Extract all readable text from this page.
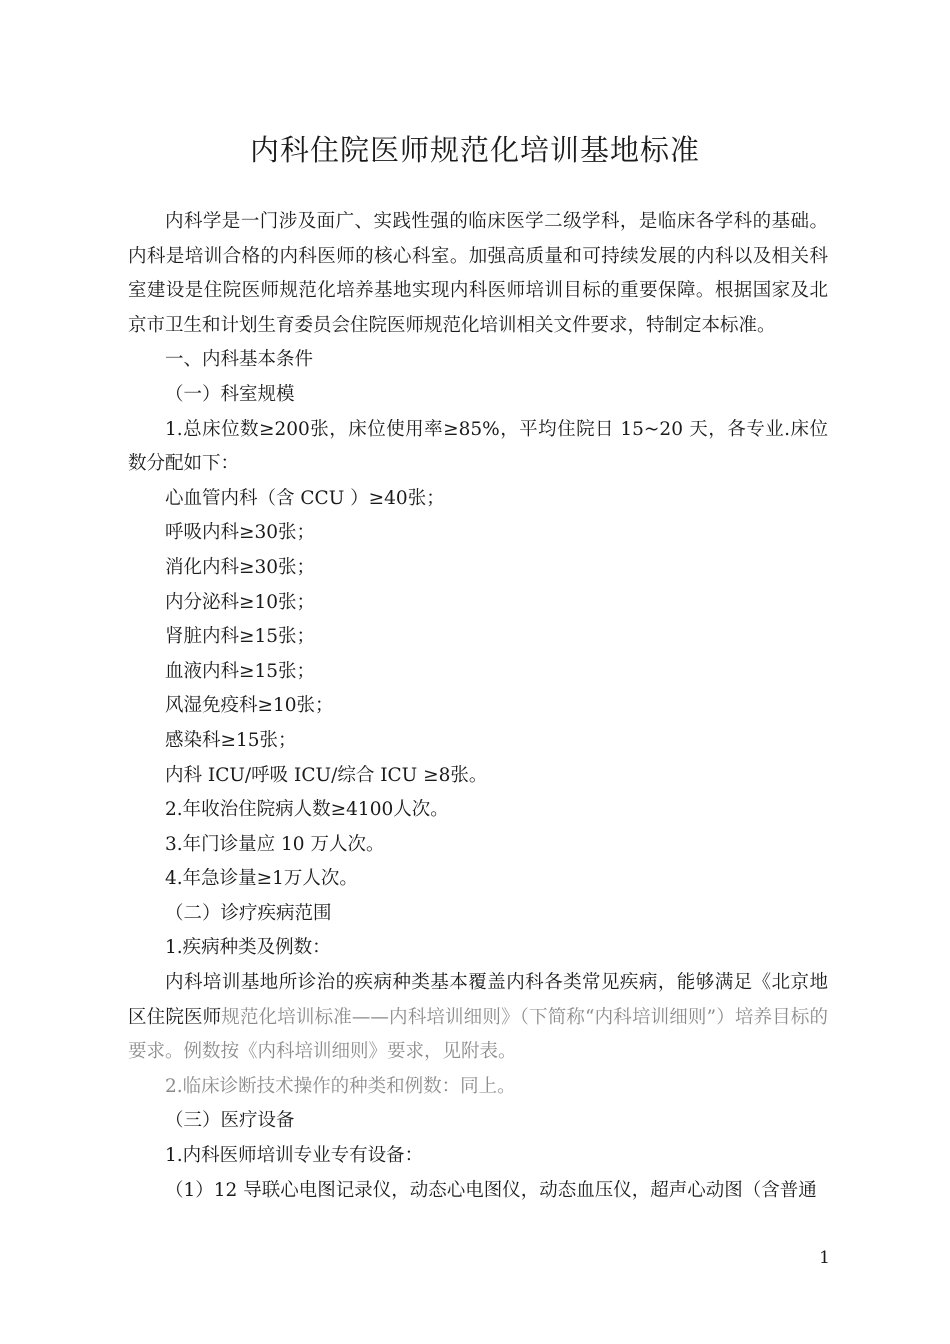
内科住院医师规范化培训基地标准

内科学是一门涉及面广、实践性强的临床医学二级学科，是临床各学科的基础。内科是培训合格的内科医师的核心科室。加强高质量和可持续发展的内科以及相关科室建设是住院医师规范化培养基地实现内科医师培训目标的重要保障。根据国家及北京市卫生和计划生育委员会住院医师规范化培训相关文件要求，特制定本标准。

一、内科基本条件

（一）科室规模

1.总床位数≥200张，床位使用率≥85%，平均住院日 15~20 天，各专业.床位数分配如下：

心血管内科（含 CCU ）≥40张；

呼吸内科≥30张；

消化内科≥30张；

内分泌科≥10张；

肾脏内科≥15张；

血液内科≥15张；

风湿免疫科≥10张；

感染科≥15张；

内科 ICU/呼吸 ICU/综合 ICU ≥8张。

2.年收治住院病人数≥4100人次。

3.年门诊量应 10 万人次。

4.年急诊量≥1万人次。

（二）诊疗疾病范围

1.疾病种类及例数：

内科培训基地所诊治的疾病种类基本覆盖内科各类常见疾病，能够满足《北京地区住院医师规范化培训标准——内科培训细则》（下简称“内科培训细则”）培养目标的要求。例数按《内科培训细则》要求，见附表。

2.临床诊断技术操作的种类和例数：同上。

（三）医疗设备

1.内科医师培训专业专有设备：

（1）12 导联心电图记录仪，动态心电图仪，动态血压仪，超声心动图（含普通

1
